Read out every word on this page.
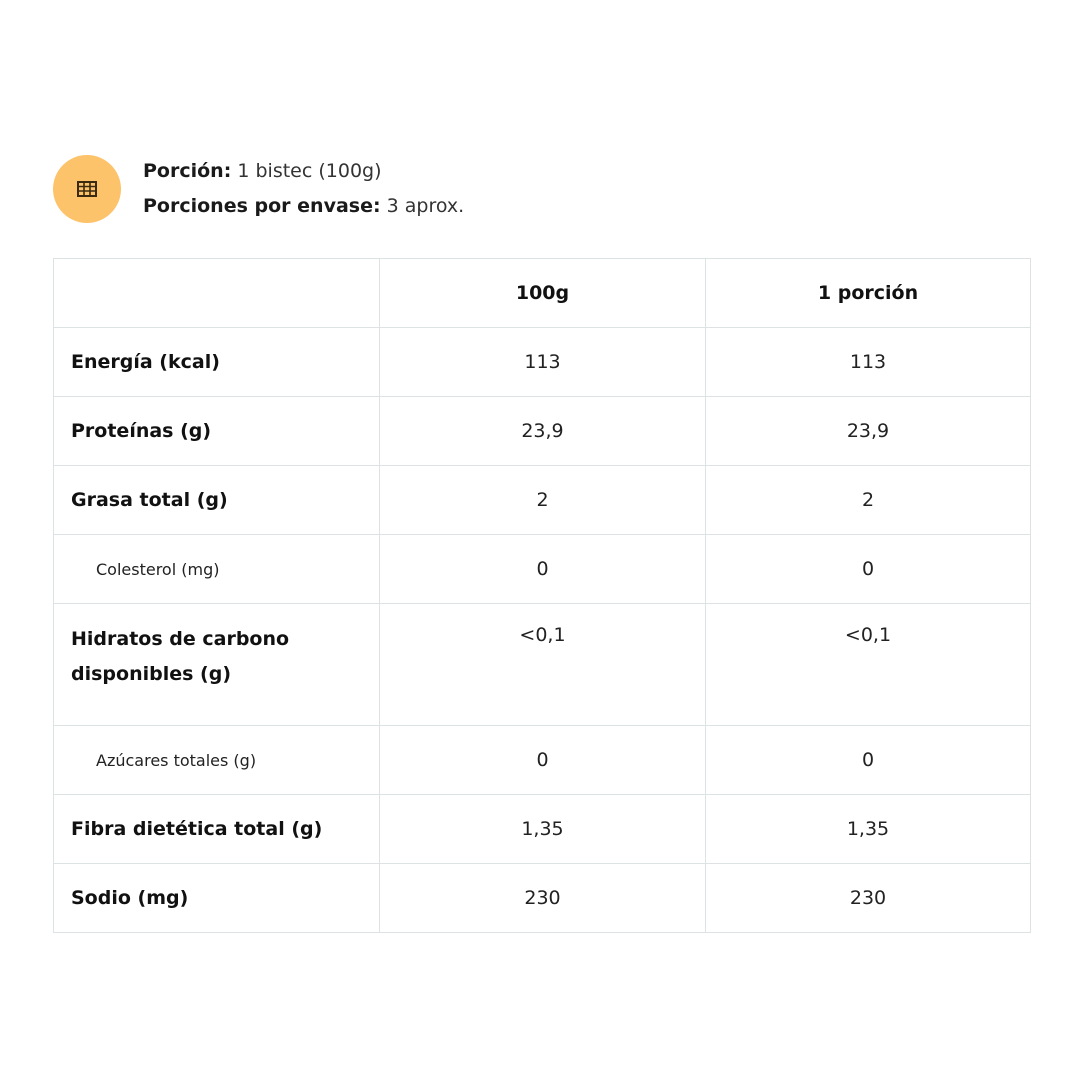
Porción: 1 bistec (100g)
Porciones por envase: 3 aprox.
	100g	1 porción
Energía (kcal)	113	113
Proteínas (g)	23,9	23,9
Grasa total (g)	2	2
Colesterol (mg)	0	0
Hidratos de carbono disponibles (g)	<0,1	<0,1
Azúcares totales (g)	0	0
Fibra dietética total (g)	1,35	1,35
Sodio (mg)	230	230
